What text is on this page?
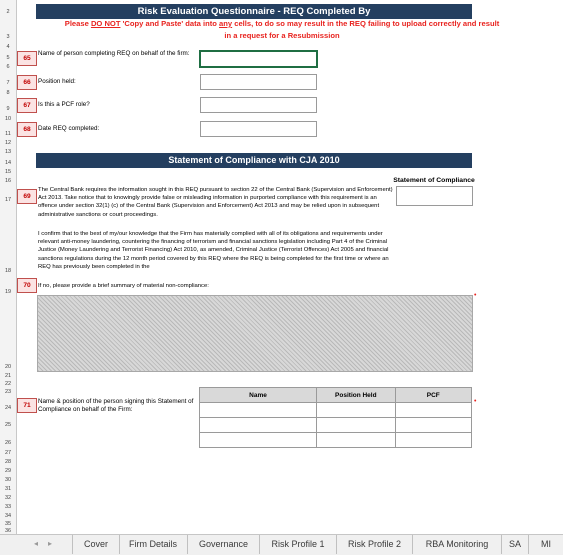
2
3
4
5
6
7
8
9
10
11
12
13
14
15
16
17
18
19
20
21
22
23
24
25
26
27
28
29
30
31
32
33
34
35
36
Risk Evaluation Questionnaire - REQ Completed By
Please DO NOT 'Copy and Paste' data into any cells, to do so may result in the REQ failing to upload correctly and result
in a request for a Resubmission
65
Name of person completing REQ on behalf of the firm:
66	Position held:
67	Is this a PCF role?
68	Date REQ completed:
Statement of Compliance with CJA 2010
Statement of Compliance
69
The Central Bank requires the information sought in this REQ pursuant to section 22 of the Central Bank (Supervision and Enforcement) Act 2013. Take notice that to knowingly provide false or misleading information in purported compliance with this requirement is an offence under section 32(1) (c) of the Central Bank (Supervision and Enforcement) Act 2013 and may be relied upon in subsequent administrative sanctions or court proceedings.
I confirm that to the best of my/our knowledge that the Firm has materially complied with all of its obligations and requirements under relevant anti-money laundering, countering the financing of terrorism and financial sanctions legislation including Part 4 of the Criminal Justice (Money Laundering and Terrorist Financing) Act 2010, as amended, Criminal Justice (Terrorist Offences) Act 2005 and financial sanctions regulations during the 12 month period covered by this REQ where the REQ is being completed for the first time or where an REQ has previously been completed in the
70	If no, please provide a brief summary of material non-compliance:
•
71
Name & position of the person signing this Statement of Compliance on behalf of the Firm:
•
Name	Position Held	PCF

◂	▸	Cover	Firm Details	Governance	Risk Profile 1	Risk Profile 2	RBA Monitoring	SA	MI
